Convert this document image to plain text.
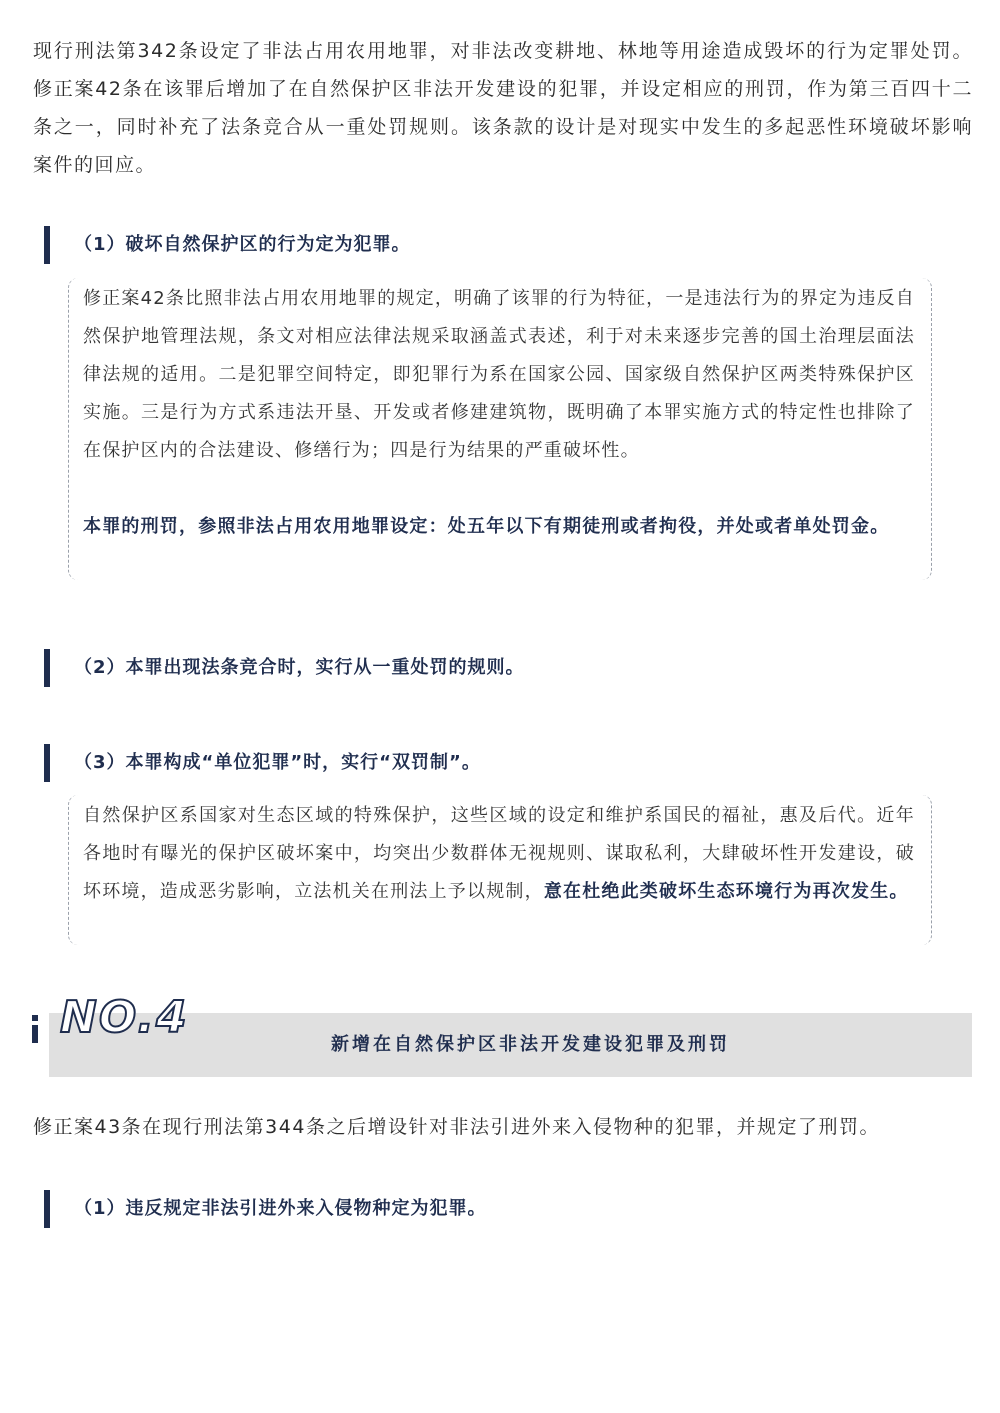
现行刑法第342条设定了非法占用农用地罪，对非法改变耕地、林地等用途造成毁坏的行为定罪处罚。修正案42条在该罪后增加了在自然保护区非法开发建设的犯罪，并设定相应的刑罚，作为第三百四十二条之一，同时补充了法条竞合从一重处罚规则。该条款的设计是对现实中发生的多起恶性环境破坏影响案件的回应。

（1）破坏自然保护区的行为定为犯罪。

修正案42条比照非法占用农用地罪的规定，明确了该罪的行为特征，一是违法行为的界定为违反自然保护地管理法规，条文对相应法律法规采取涵盖式表述，利于对未来逐步完善的国土治理层面法律法规的适用。二是犯罪空间特定，即犯罪行为系在国家公园、国家级自然保护区两类特殊保护区实施。三是行为方式系违法开垦、开发或者修建建筑物，既明确了本罪实施方式的特定性也排除了在保护区内的合法建设、修缮行为；四是行为结果的严重破坏性。

本罪的刑罚，参照非法占用农用地罪设定：处五年以下有期徒刑或者拘役，并处或者单处罚金。

（2）本罪出现法条竞合时，实行从一重处罚的规则。
（3）本罪构成“单位犯罪”时，实行“双罚制”。

自然保护区系国家对生态区域的特殊保护，这些区域的设定和维护系国民的福祉，惠及后代。近年各地时有曝光的保护区破坏案中，均突出少数群体无视规则、谋取私利，大肆破坏性开发建设，破坏环境，造成恶劣影响，立法机关在刑法上予以规制，意在杜绝此类破坏生态环境行为再次发生。

新增在自然保护区非法开发建设犯罪及刑罚
NO.4

修正案43条在现行刑法第344条之后增设针对非法引进外来入侵物种的犯罪，并规定了刑罚。

（1）违反规定非法引进外来入侵物种定为犯罪。
